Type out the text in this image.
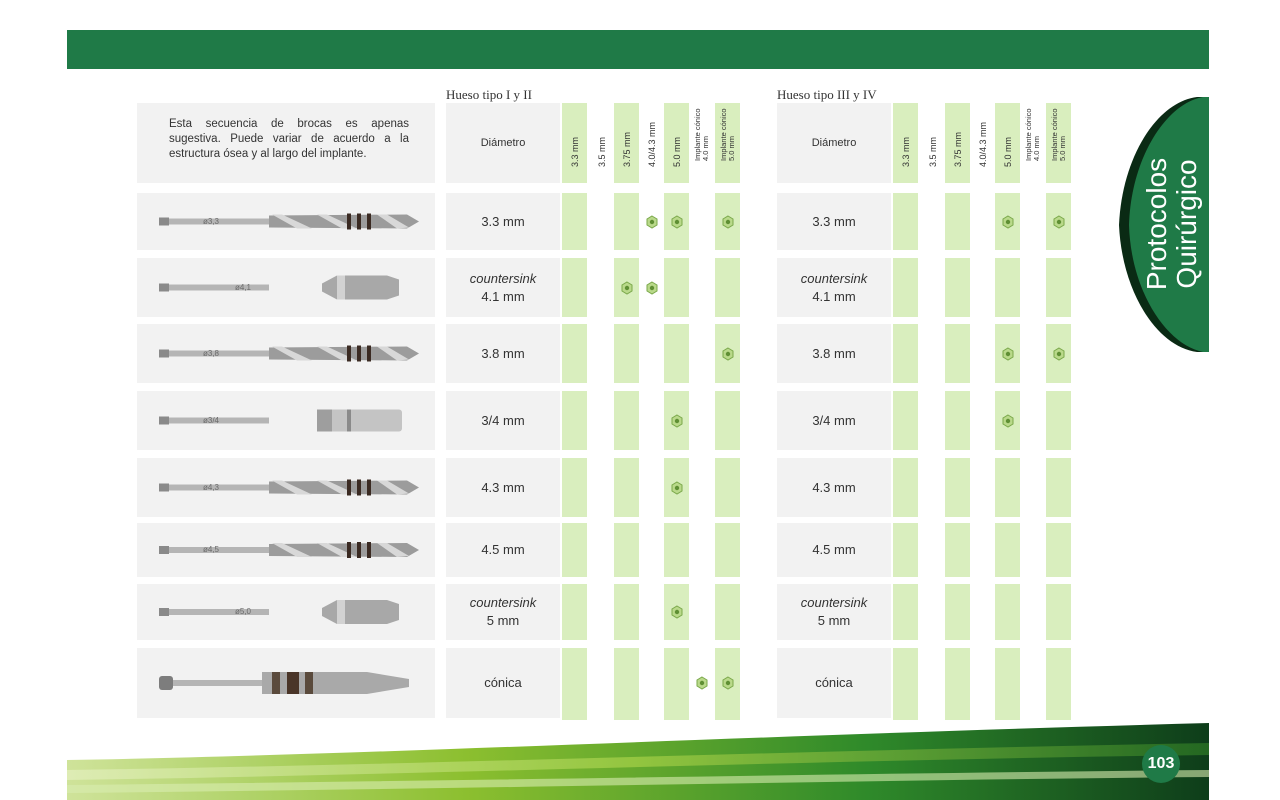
Esta secuencia de brocas es apenas sugestiva. Puede variar de acuerdo a la estructura ósea y al largo del implante.
ø3,3
ø4,1
ø3,8
ø3/4
ø4,3
ø4,5
ø5,0
Hueso tipo I y II
Diámetro	3.3 mm 3.5 mm 3.75 mm 4.0/4.3 mm 5.0 mm Implante cónico
4.0 mm Implante cónico
5.0 mm
3.3 mm
countersink
4.1 mm
3.8 mm
3/4 mm
4.3 mm
4.5 mm
countersink
5 mm
cónica
Hueso tipo III y IV
Diámetro	3.3 mm 3.5 mm 3.75 mm 4.0/4.3 mm 5.0 mm Implante cónico
4.0 mm Implante cónico
5.0 mm
3.3 mm
countersink
4.1 mm
3.8 mm
3/4 mm
4.3 mm
4.5 mm
countersink
5 mm
cónica
Protocolos Quirúrgico
103
